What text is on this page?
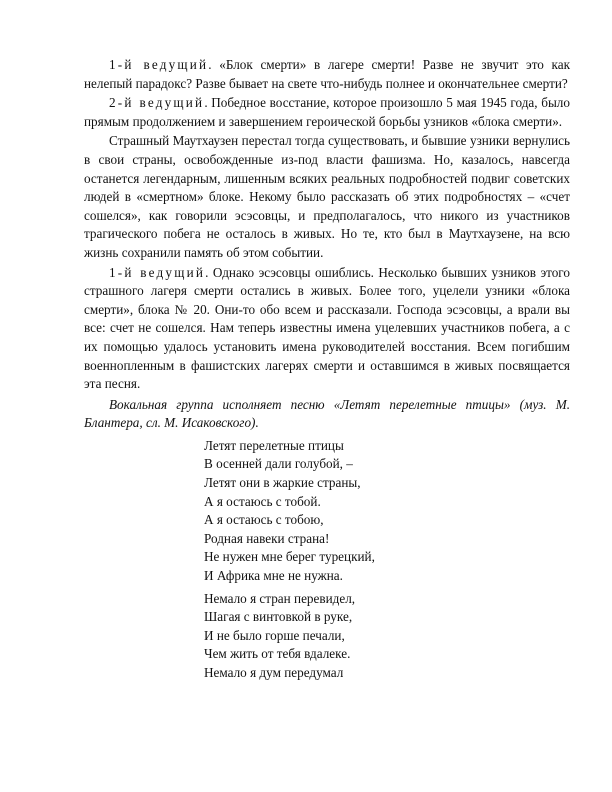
1-й ведущий. «Блок смерти» в лагере смерти! Разве не звучит это как нелепый парадокс? Разве бывает на свете что-нибудь полнее и окончательнее смерти?

2-й ведущий. Победное восстание, которое произошло 5 мая 1945 года, было прямым продолжением и завершением героической борьбы узников «блока смерти».

Страшный Маутхаузен перестал тогда существовать, и бывшие узники вернулись в свои страны, освобожденные из-под власти фашизма. Но, казалось, навсегда останется легендарным, лишенным всяких реальных подробностей подвиг советских людей в «смертном» блоке. Некому было рассказать об этих подробностях – «счет сошелся», как говорили эсэсовцы, и предполагалось, что никого из участников трагического побега не осталось в живых. Но те, кто был в Маутхаузене, на всю жизнь сохранили память об этом событии.

1-й ведущий. Однако эсэсовцы ошиблись. Несколько бывших узников этого страшного лагеря смерти остались в живых. Более того, уцелели узники «блока смерти», блока № 20. Они-то обо всем и рассказали. Господа эсэсовцы, а врали вы все: счет не сошелся. Нам теперь известны имена уцелевших участников побега, а с их помощью удалось установить имена руководителей восстания. Всем погибшим военнопленным в фашистских лагерях смерти и оставшимся в живых посвящается эта песня.

Вокальная группа исполняет песню «Летят перелетные птицы» (муз. М. Блантера, сл. М. Исаковского).

Летят перелетные птицы
В осенней дали голубой, –
Летят они в жаркие страны,
А я остаюсь с тобой.
А я остаюсь с тобою,
Родная навеки страна!
Не нужен мне берег турецкий,
И Африка мне не нужна.
Немало я стран перевидел,
Шагая с винтовкой в руке,
И не было горше печали,
Чем жить от тебя вдалеке.
Немало я дум передумал
